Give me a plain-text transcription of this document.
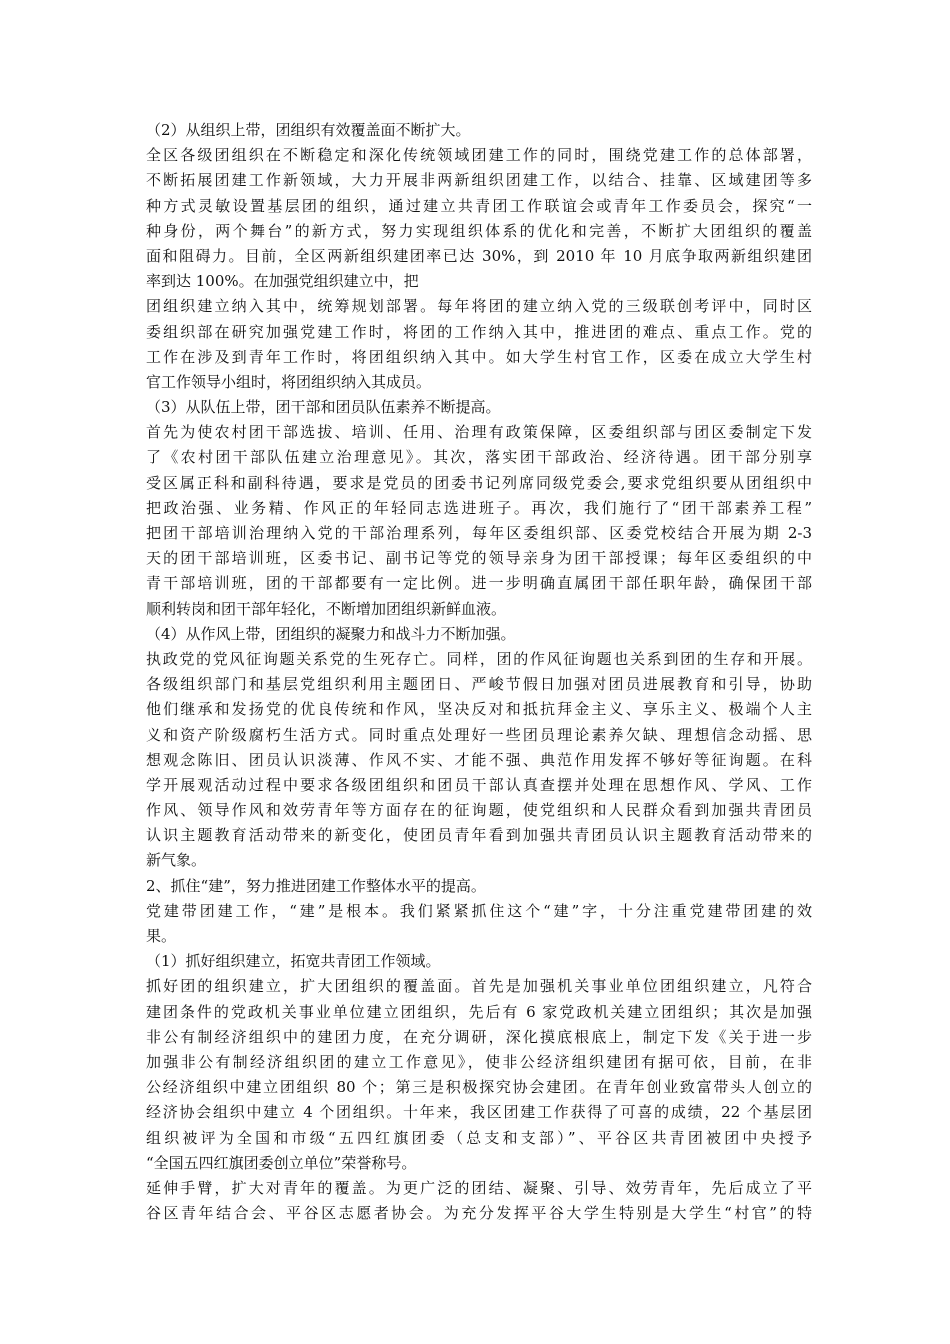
（2）从组织上带，团组织有效覆盖面不断扩大。
全区各级团组织在不断稳定和深化传统领域团建工作的同时，围绕党建工作的总体部署，
不断拓展团建工作新领域，大力开展非两新组织团建工作，以结合、挂靠、区域建团等多
种方式灵敏设置基层团的组织，通过建立共青团工作联谊会或青年工作委员会，探究“一
种身份，两个舞台”的新方式，努力实现组织体系的优化和完善，不断扩大团组织的覆盖
面和阻碍力。目前，全区两新组织建团率已达 30%，到 2010 年 10 月底争取两新组织建团
率到达 100%。在加强党组织建立中，把
团组织建立纳入其中，统筹规划部署。每年将团的建立纳入党的三级联创考评中，同时区
委组织部在研究加强党建工作时，将团的工作纳入其中，推进团的难点、重点工作。党的
工作在涉及到青年工作时，将团组织纳入其中。如大学生村官工作，区委在成立大学生村
官工作领导小组时，将团组织纳入其成员。
（3）从队伍上带，团干部和团员队伍素养不断提高。
首先为使农村团干部选拔、培训、任用、治理有政策保障，区委组织部与团区委制定下发
了《农村团干部队伍建立治理意见》。其次，落实团干部政治、经济待遇。团干部分别享
受区属正科和副科待遇，要求是党员的团委书记列席同级党委会,要求党组织要从团组织中
把政治强、业务精、作风正的年轻同志选进班子。再次，我们施行了“团干部素养工程”
把团干部培训治理纳入党的干部治理系列，每年区委组织部、区委党校结合开展为期 2-3
天的团干部培训班，区委书记、副书记等党的领导亲身为团干部授课；每年区委组织的中
青干部培训班，团的干部都要有一定比例。进一步明确直属团干部任职年龄，确保团干部
顺利转岗和团干部年轻化，不断增加团组织新鲜血液。
（4）从作风上带，团组织的凝聚力和战斗力不断加强。
执政党的党风征询题关系党的生死存亡。同样，团的作风征询题也关系到团的生存和开展。
各级组织部门和基层党组织利用主题团日、严峻节假日加强对团员进展教育和引导，协助
他们继承和发扬党的优良传统和作风，坚决反对和抵抗拜金主义、享乐主义、极端个人主
义和资产阶级腐朽生活方式。同时重点处理好一些团员理论素养欠缺、理想信念动摇、思
想观念陈旧、团员认识淡薄、作风不实、才能不强、典范作用发挥不够好等征询题。在科
学开展观活动过程中要求各级团组织和团员干部认真查摆并处理在思想作风、学风、工作
作风、领导作风和效劳青年等方面存在的征询题，使党组织和人民群众看到加强共青团员
认识主题教育活动带来的新变化，使团员青年看到加强共青团员认识主题教育活动带来的
新气象。
2、抓住“建”，努力推进团建工作整体水平的提高。
党建带团建工作，“建”是根本。我们紧紧抓住这个“建”字，十分注重党建带团建的效
果。
（1）抓好组织建立，拓宽共青团工作领域。
抓好团的组织建立，扩大团组织的覆盖面。首先是加强机关事业单位团组织建立，凡符合
建团条件的党政机关事业单位建立团组织，先后有 6 家党政机关建立团组织；其次是加强
非公有制经济组织中的建团力度，在充分调研，深化摸底根底上，制定下发《关于进一步
加强非公有制经济组织团的建立工作意见》，使非公经济组织建团有据可依，目前，在非
公经济组织中建立团组织 80 个；第三是积极探究协会建团。在青年创业致富带头人创立的
经济协会组织中建立 4 个团组织。十年来，我区团建工作获得了可喜的成绩，22 个基层团
组织被评为全国和市级“五四红旗团委（总支和支部）”、平谷区共青团被团中央授予
“全国五四红旗团委创立单位”荣誉称号。
延伸手臂，扩大对青年的覆盖。为更广泛的团结、凝聚、引导、效劳青年，先后成立了平
谷区青年结合会、平谷区志愿者协会。为充分发挥平谷大学生特别是大学生“村官”的特
